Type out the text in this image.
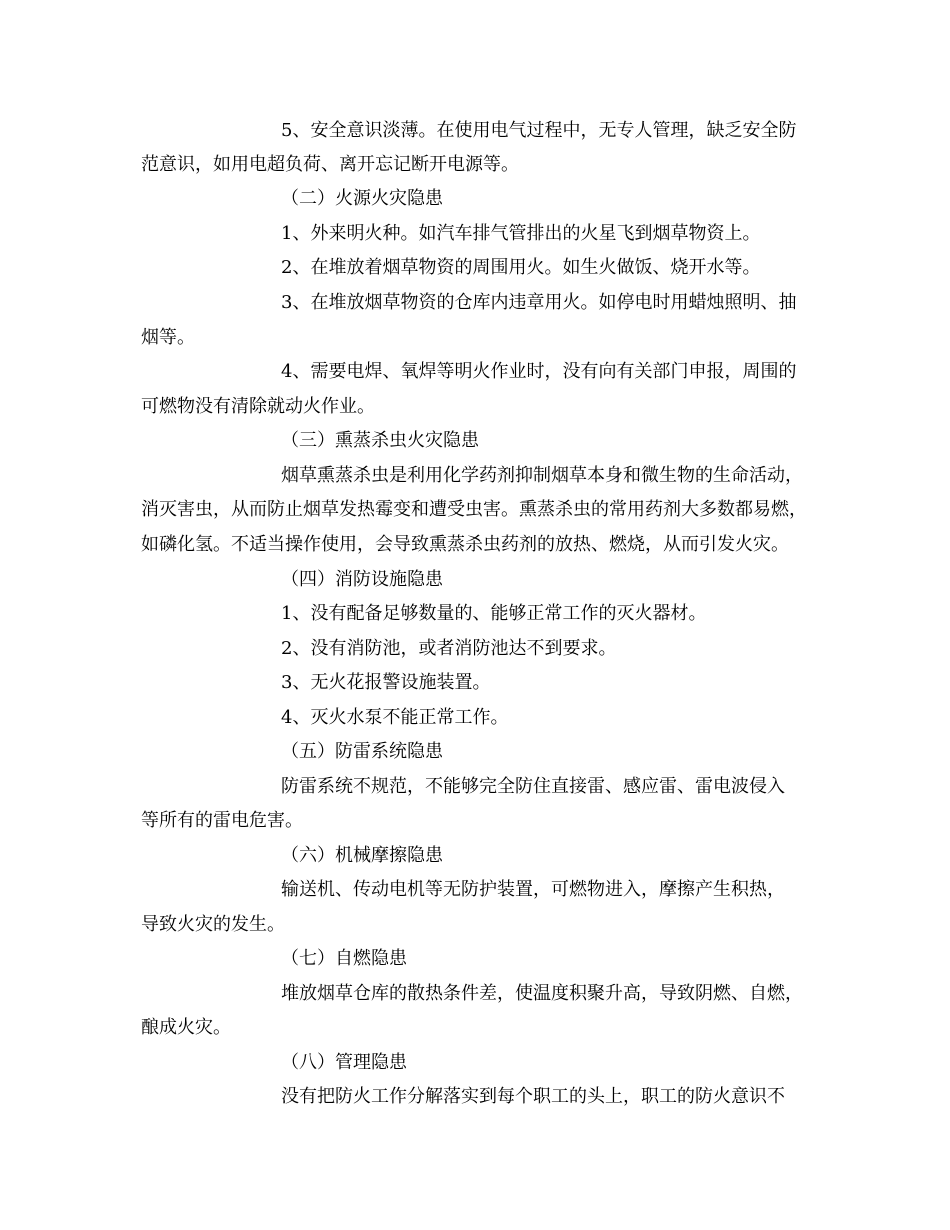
5、安全意识淡薄。在使用电气过程中，无专人管理，缺乏安全防

范意识，如用电超负荷、离开忘记断开电源等。

（二）火源火灾隐患

1、外来明火种。如汽车排气管排出的火星飞到烟草物资上。

2、在堆放着烟草物资的周围用火。如生火做饭、烧开水等。

3、在堆放烟草物资的仓库内违章用火。如停电时用蜡烛照明、抽

烟等。

4、需要电焊、氧焊等明火作业时，没有向有关部门申报，周围的

可燃物没有清除就动火作业。

（三）熏蒸杀虫火灾隐患

烟草熏蒸杀虫是利用化学药剂抑制烟草本身和微生物的生命活动，

消灭害虫，从而防止烟草发热霉变和遭受虫害。熏蒸杀虫的常用药剂大多数都易燃，

如磷化氢。不适当操作使用，会导致熏蒸杀虫药剂的放热、燃烧，从而引发火灾。

（四）消防设施隐患

1、没有配备足够数量的、能够正常工作的灭火器材。

2、没有消防池，或者消防池达不到要求。

3、无火花报警设施装置。

4、灭火水泵不能正常工作。

（五）防雷系统隐患

防雷系统不规范，不能够完全防住直接雷、感应雷、雷电波侵入

等所有的雷电危害。

（六）机械摩擦隐患

输送机、传动电机等无防护装置，可燃物进入，摩擦产生积热，

导致火灾的发生。

（七）自燃隐患

堆放烟草仓库的散热条件差，使温度积聚升高，导致阴燃、自燃，

酿成火灾。

（八）管理隐患

没有把防火工作分解落实到每个职工的头上，职工的防火意识不
